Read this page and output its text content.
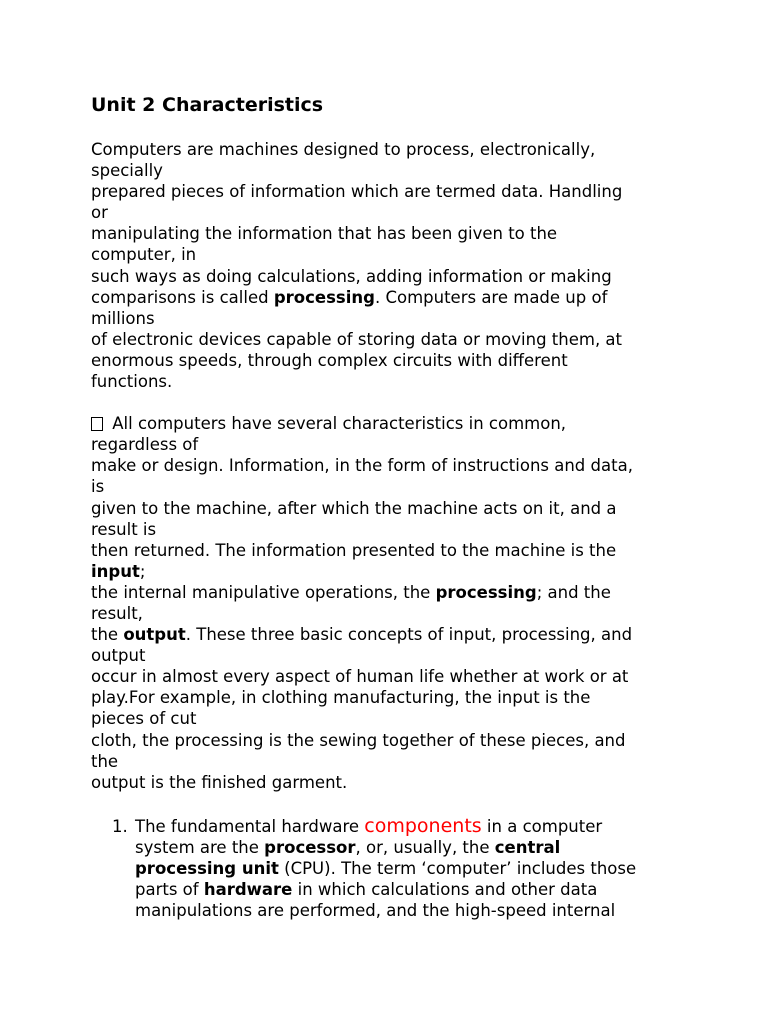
Unit 2 Characteristics
Computers are machines designed to process, electronically,
specially
prepared pieces of information which are termed data. Handling
or
manipulating the information that has been given to the
computer, in
such ways as doing calculations, adding information or making
comparisons is called processing. Computers are made up of
millions
of electronic devices capable of storing data or moving them, at
enormous speeds, through complex circuits with different
functions.
All computers have several characteristics in common,
regardless of
make or design. Information, in the form of instructions and data,
is
given to the machine, after which the machine acts on it, and a
result is
then returned. The information presented to the machine is the
input;
the internal manipulative operations, the processing; and the
result,
the output. These three basic concepts of input, processing, and
output
occur in almost every aspect of human life whether at work or at
play.For example, in clothing manufacturing, the input is the
pieces of cut
cloth, the processing is the sewing together of these pieces, and
the
output is the finished garment.
1. The fundamental hardware components in a computer
system are the processor, or, usually, the central
processing unit (CPU). The term ‘computer’ includes those
parts of hardware in which calculations and other data
manipulations are performed, and the high-speed internal
